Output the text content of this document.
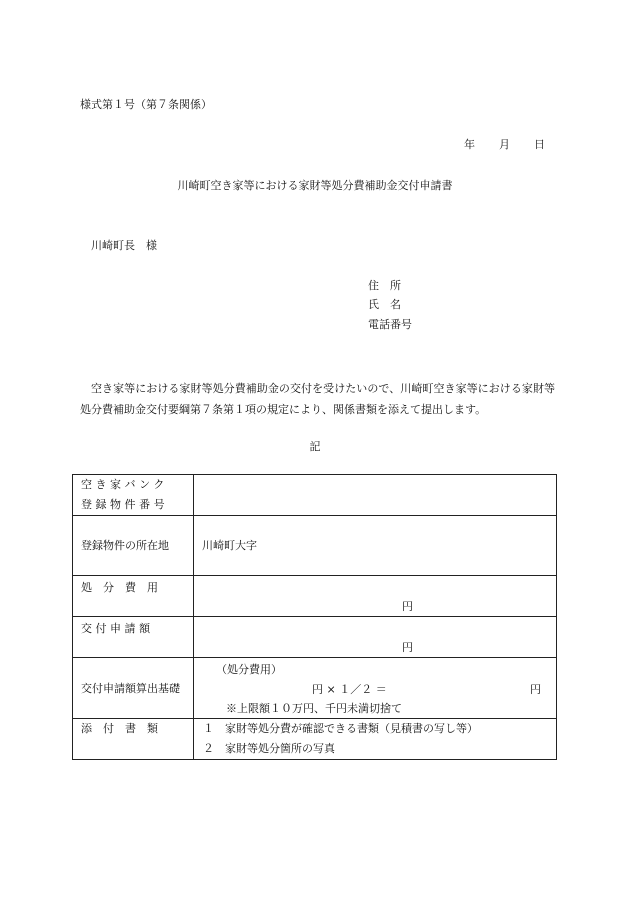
様式第１号（第７条関係）
年	月	日
川崎町空き家等における家財等処分費補助金交付申請書
川崎町長　様
住　所
氏　名
電話番号
空き家等における家財等処分費補助金の交付を受けたいので、川崎町空き家等における家財等処分費補助金交付要綱第７条第１項の規定により、関係書類を添えて提出します。
記
空き家バンク
登録物件番号	

登録物件の所在地	川崎町大字
処　分　費　用	円

交付申請額	円

交付申請額算出基礎	（処分費用）
円 × １／２ ＝ 円
※上限額１０万円、千円未満切捨て

添　付　書　類	１　家財等処分費が確認できる書類（見積書の写し等）
２　家財等処分箇所の写真
